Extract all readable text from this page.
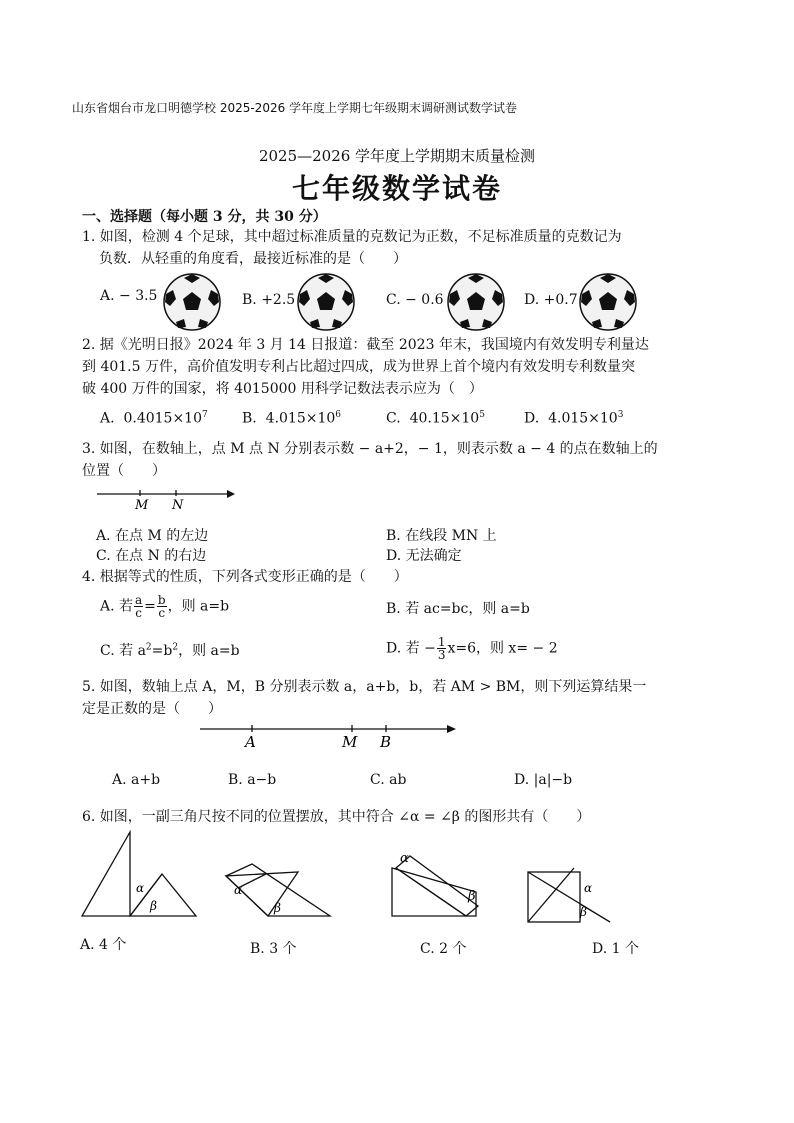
山东省烟台市龙口明德学校 2025-2026 学年度上学期七年级期末调研测试数学试卷
2025—2026 学年度上学期期末质量检测
七年级数学试卷
一、选择题（每小题 3 分，共 30 分）
1. 如图，检测 4 个足球，其中超过标准质量的克数记为正数，不足标准质量的克数记为
负数．从轻重的角度看，最接近标准的是（　　）
A. − 3.5	B. +2.5	C. − 0.6	D. +0.7
2. 据《光明日报》2024 年 3 月 14 日报道：截至 2023 年末，我国境内有效发明专利量达
到 401.5 万件，高价值发明专利占比超过四成，成为世界上首个境内有效发明专利数量突
破 400 万件的国家，将 4015000 用科学记数法表示应为（　）
A. $0.4015\times 10^7$ B. $4.015\times 10^6$	C. $40.15\times 10^5$	D. $4.015\times 10^3$
3. 如图，在数轴上，点 M 点 N 分别表示数 − a+2，− 1，则表示数 a − 4 的点在数轴上的
位置（　　）
M N
A. 在点 M 的左边	B. 在线段 MN 上
C. 在点 N 的右边	D. 无法确定
4. 根据等式的性质，下列各式变形正确的是（　　）
A. 若 $\frac{a}{c} = \frac{b}{c}$ ，则 a=b	B. 若 ac=bc，则 a=b
C. 若 $a^2=b^2$，则 a=b	D. 若 − $\frac{1}{3} x=6$，则 x= − 2
5. 如图，数轴上点 A，M，B 分别表示数 a，a+b，b，若 AM > BM，则下列运算结果一
定是正数的是（　　）
A	M B
A. a+b	B. a−b	C. ab	D. |a|−b
6. 如图，一副三角尺按不同的位置摆放，其中符合 ∠α = ∠β 的图形共有（　　）
α
β
α
β
α
β
α
β
A. 4 个	B. 3 个	C. 2 个	D. 1 个
